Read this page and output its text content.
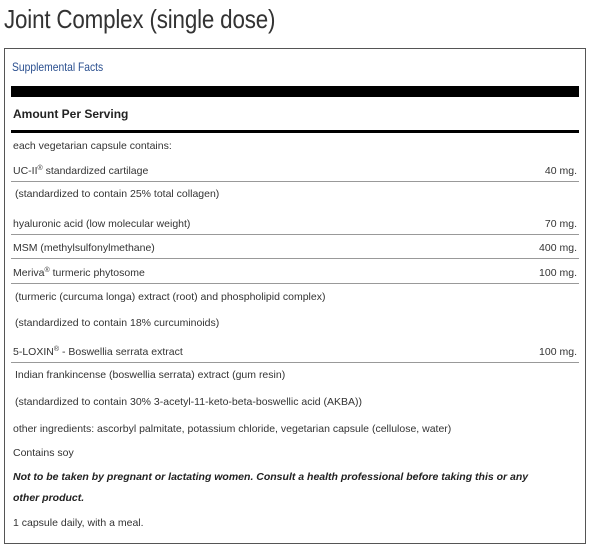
Joint Complex (single dose)
Supplemental Facts
Amount Per Serving
each vegetarian capsule contains:
UC-II® standardized cartilage	40 mg.
(standardized to contain 25% total collagen)
hyaluronic acid (low molecular weight)	70 mg.
MSM (methylsulfonylmethane)	400 mg.
Meriva® turmeric phytosome	100 mg.
(turmeric (curcuma longa) extract (root) and phospholipid complex)
(standardized to contain 18% curcuminoids)
5-LOXIN® - Boswellia serrata extract	100 mg.
Indian frankincense (boswellia serrata) extract (gum resin)
(standardized to contain 30% 3-acetyl-11-keto-beta-boswellic acid (AKBA))
other ingredients: ascorbyl palmitate, potassium chloride, vegetarian capsule (cellulose, water)
Contains soy
Not to be taken by pregnant or lactating women. Consult a health professional before taking this or any
other product.
1 capsule daily, with a meal.
